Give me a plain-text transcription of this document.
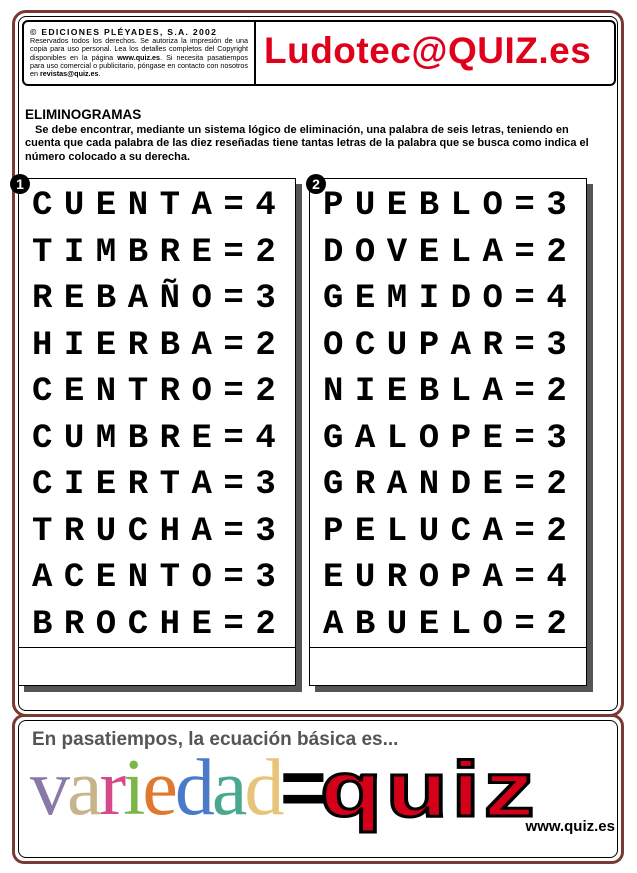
© EDICIONES PLÉYADES, S.A. 2002
Reservados todos los derechos. Se autoriza la impresión de una copia para uso personal. Lea los detalles completos del Copyright disponibles en la página www.quiz.es. Si necesita pasatiempos para uso comercial o publicitario, póngase en contacto con nosotros en revistas@quiz.es.
Ludotec@QUIZ.es
ELIMINOGRAMAS
Se debe encontrar, mediante un sistema lógico de eliminación, una palabra de seis letras, teniendo en cuenta que cada palabra de las diez reseñadas tiene tantas letras de la palabra que se busca como indica el número colocado a su derecha.
1
CUENTA = 4
TIMBRE = 2
REBAÑO = 3
HIERBA = 2
CENTRO = 2
CUMBRE = 4
CIERTA = 3
TRUCHA = 3
ACENTO = 3
BROCHE = 2
2
PUEBLO = 3
DOVELA = 2
GEMIDO = 4
OCUPAR = 3
NIEBLA = 2
GALOPE = 3
GRANDE = 2
PELUCA = 2
EUROPA = 4
ABUELO = 2
En pasatiempos, la ecuación básica es...
variedad
=
quiz
www.quiz.es
